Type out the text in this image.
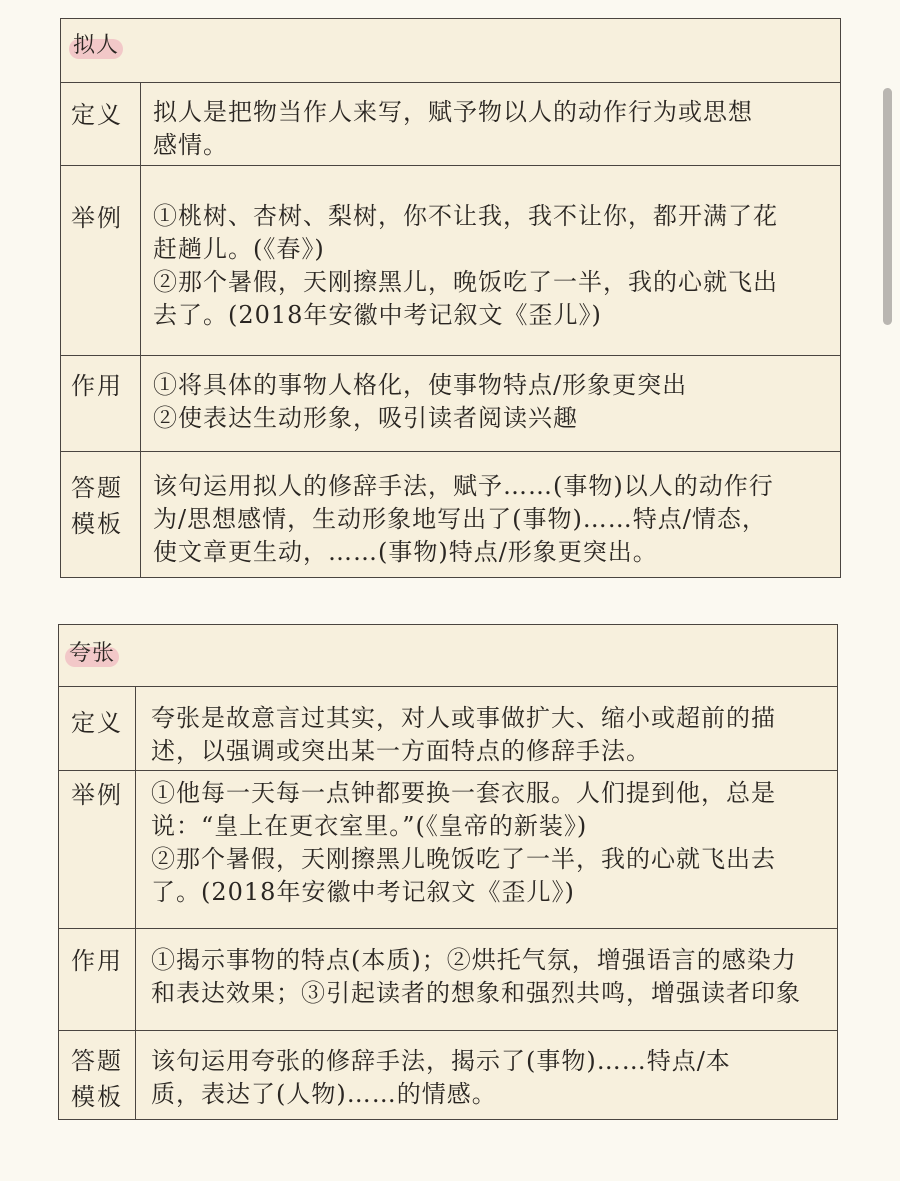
拟人
定义 拟人是把物当作人来写，赋予物以人的动作行为或思想
感情。
举例 ①桃树、杏树、梨树，你不让我，我不让你，都开满了花
赶趟儿。(《春》)
②那个暑假，天刚擦黑儿，晚饭吃了一半，我的心就飞出
去了。(2018年安徽中考记叙文《歪儿》)
作用 ①将具体的事物人格化，使事物特点/形象更突出
②使表达生动形象，吸引读者阅读兴趣
答题
模板
该句运用拟人的修辞手法，赋予……(事物)以人的动作行
为/思想感情，生动形象地写出了(事物)……特点/情态，
使文章更生动，……(事物)特点/形象更突出。
夸张
定义 夸张是故意言过其实，对人或事做扩大、缩小或超前的描
述，以强调或突出某一方面特点的修辞手法。
举例 ①他每一天每一点钟都要换一套衣服。人们提到他，总是
说：“皇上在更衣室里。”(《皇帝的新装》)
②那个暑假，天刚擦黑儿晚饭吃了一半，我的心就飞出去
了。(2018年安徽中考记叙文《歪儿》)
作用 ①揭示事物的特点(本质)；②烘托气氛，增强语言的感染力
和表达效果；③引起读者的想象和强烈共鸣，增强读者印象
答题
模板
该句运用夸张的修辞手法，揭示了(事物)……特点/本
质，表达了(人物)……的情感。
